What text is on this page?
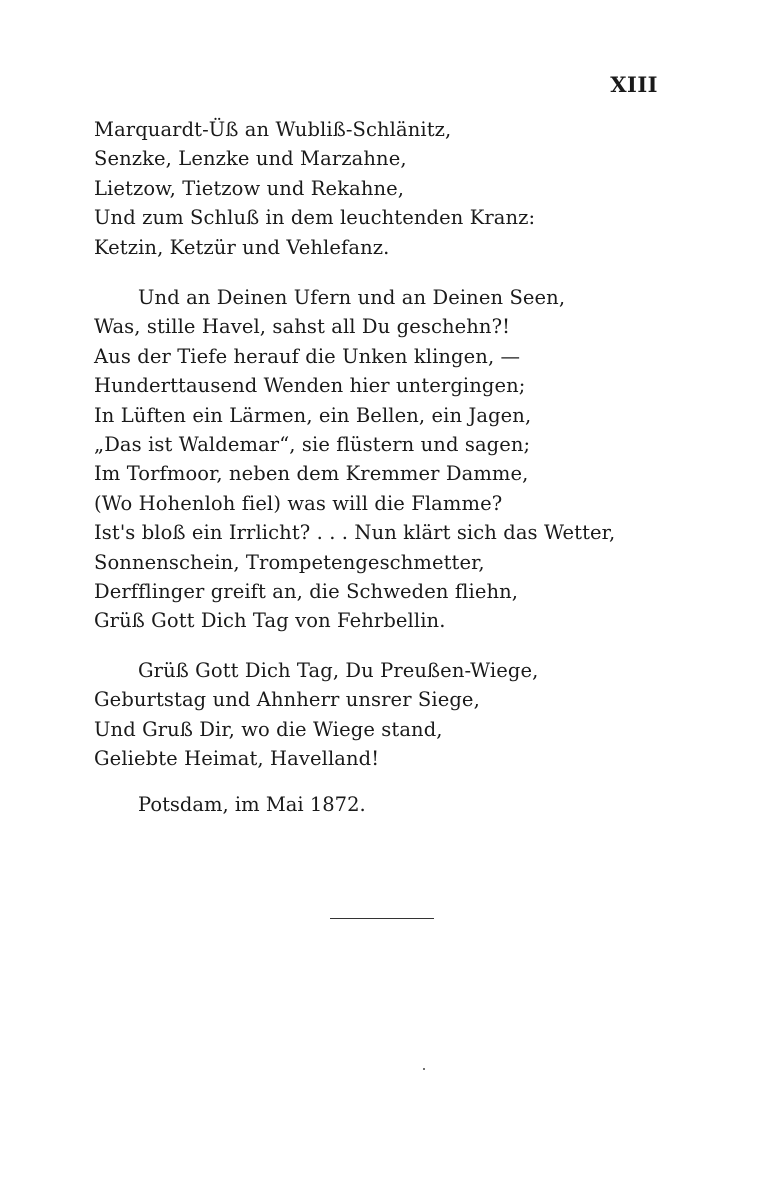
XIII
Marquardt-Üß an Wubliß-Schlänitz,
Senzke, Lenzke und Marzahne,
Lietzow, Tietzow und Rekahne,
Und zum Schluß in dem leuchtenden Kranz:
Ketzin, Ketzür und Vehlefanz.
Und an Deinen Ufern und an Deinen Seen,
Was, stille Havel, sahst all Du geschehn?!
Aus der Tiefe herauf die Unken klingen, —
Hunderttausend Wenden hier untergingen;
In Lüften ein Lärmen, ein Bellen, ein Jagen,
„Das ist Waldemar“, sie flüstern und sagen;
Im Torfmoor, neben dem Kremmer Damme,
(Wo Hohenloh fiel) was will die Flamme?
Ist's bloß ein Irrlicht? . . . Nun klärt sich das Wetter,
Sonnenschein, Trompetengeschmetter,
Derfflinger greift an, die Schweden fliehn,
Grüß Gott Dich Tag von Fehrbellin.
Grüß Gott Dich Tag, Du Preußen-Wiege,
Geburtstag und Ahnherr unsrer Siege,
Und Gruß Dir, wo die Wiege stand,
Geliebte Heimat, Havelland!
Potsdam, im Mai 1872.
